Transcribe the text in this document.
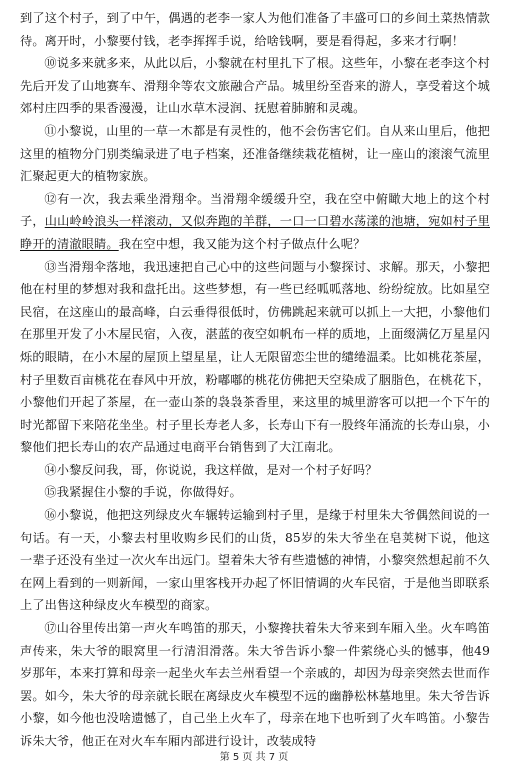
到了这个村子，到了中午，偶遇的老李一家人为他们准备了丰盛可口的乡间土菜热情款待。离开时，小黎要付钱，老李挥挥手说，给啥钱啊，要是看得起，多来才行啊！

⑩说多来就多来，从此以后，小黎就在村里扎下了根。这些年，小黎在老李这个村先后开发了山地赛车、滑翔伞等农文旅融合产品。城里纷至沓来的游人，享受着这个城郊村庄四季的果香漫漫，让山水草木浸润、抚慰着肺腑和灵魂。

⑪小黎说，山里的一草一木都是有灵性的，他不会伤害它们。自从来山里后，他把这里的植物分门别类编录进了电子档案，还准备继续栽花植树，让一座山的滚滚气流里汇聚起更大的植物家族。

⑫有一次，我去乘坐滑翔伞。当滑翔伞缓缓升空，我在空中俯瞰大地上的这个村子，山山岭岭浪头一样滚动，又似奔跑的羊群，一口一口碧水荡漾的池塘，宛如村子里睁开的清澈眼睛。我在空中想，我又能为这个村子做点什么呢？

⑬当滑翔伞落地，我迅速把自己心中的这些问题与小黎探讨、求解。那天，小黎把他在村里的梦想对我和盘托出。这些梦想，有一些已经呱呱落地、纷纷绽放。比如星空民宿，在这座山的最高峰，白云垂得很低时，仿佛跳起来就可以抓上一大把，小黎他们在那里开发了小木屋民宿，入夜，湛蓝的夜空如帆布一样的质地，上面缀满亿万星星闪烁的眼睛，在小木屋的屋顶上望星星，让人无限留恋尘世的缱绻温柔。比如桃花茶屋，村子里数百亩桃花在春风中开放，粉嘟嘟的桃花仿佛把天空染成了胭脂色，在桃花下，小黎他们开起了茶屋，在一壶山茶的袅袅茶香里，来这里的城里游客可以把一个下午的时光都留下来陪花坐坐。村子里长寿老人多，长寿山下有一股终年涌流的长寿山泉，小黎他们把长寿山的农产品通过电商平台销售到了大江南北。

⑭小黎反问我，哥，你说说，我这样做，是对一个村子好吗？

⑮我紧握住小黎的手说，你做得好。

⑯小黎说，他把这列绿皮火车辗转运输到村子里，是缘于村里朱大爷偶然间说的一句话。有一天，小黎去村里收购乡民们的山货，85岁的朱大爷坐在皂荚树下说，他这一辈子还没有坐过一次火车出远门。望着朱大爷有些遗憾的神情，小黎突然想起前不久在网上看到的一则新闻，一家山里客栈开办起了怀旧情调的火车民宿，于是他当即联系上了出售这种绿皮火车模型的商家。

⑰山谷里传出第一声火车鸣笛的那天，小黎搀扶着朱大爷来到车厢入坐。火车鸣笛声传来，朱大爷的眼窝里一行清泪滑落。朱大爷告诉小黎一件萦绕心头的憾事，他49岁那年，本来打算和母亲一起坐火车去兰州看望一个亲戚的，却因为母亲突然去世而作罢。如今，朱大爷的母亲就长眠在离绿皮火车模型不远的幽静松林墓地里。朱大爷告诉小黎，如今他也没啥遗憾了，自己坐上火车了，母亲在地下也听到了火车鸣笛。小黎告诉朱大爷，他正在对火车车厢内部进行设计，改装成特

第 5 页 共 7 页
